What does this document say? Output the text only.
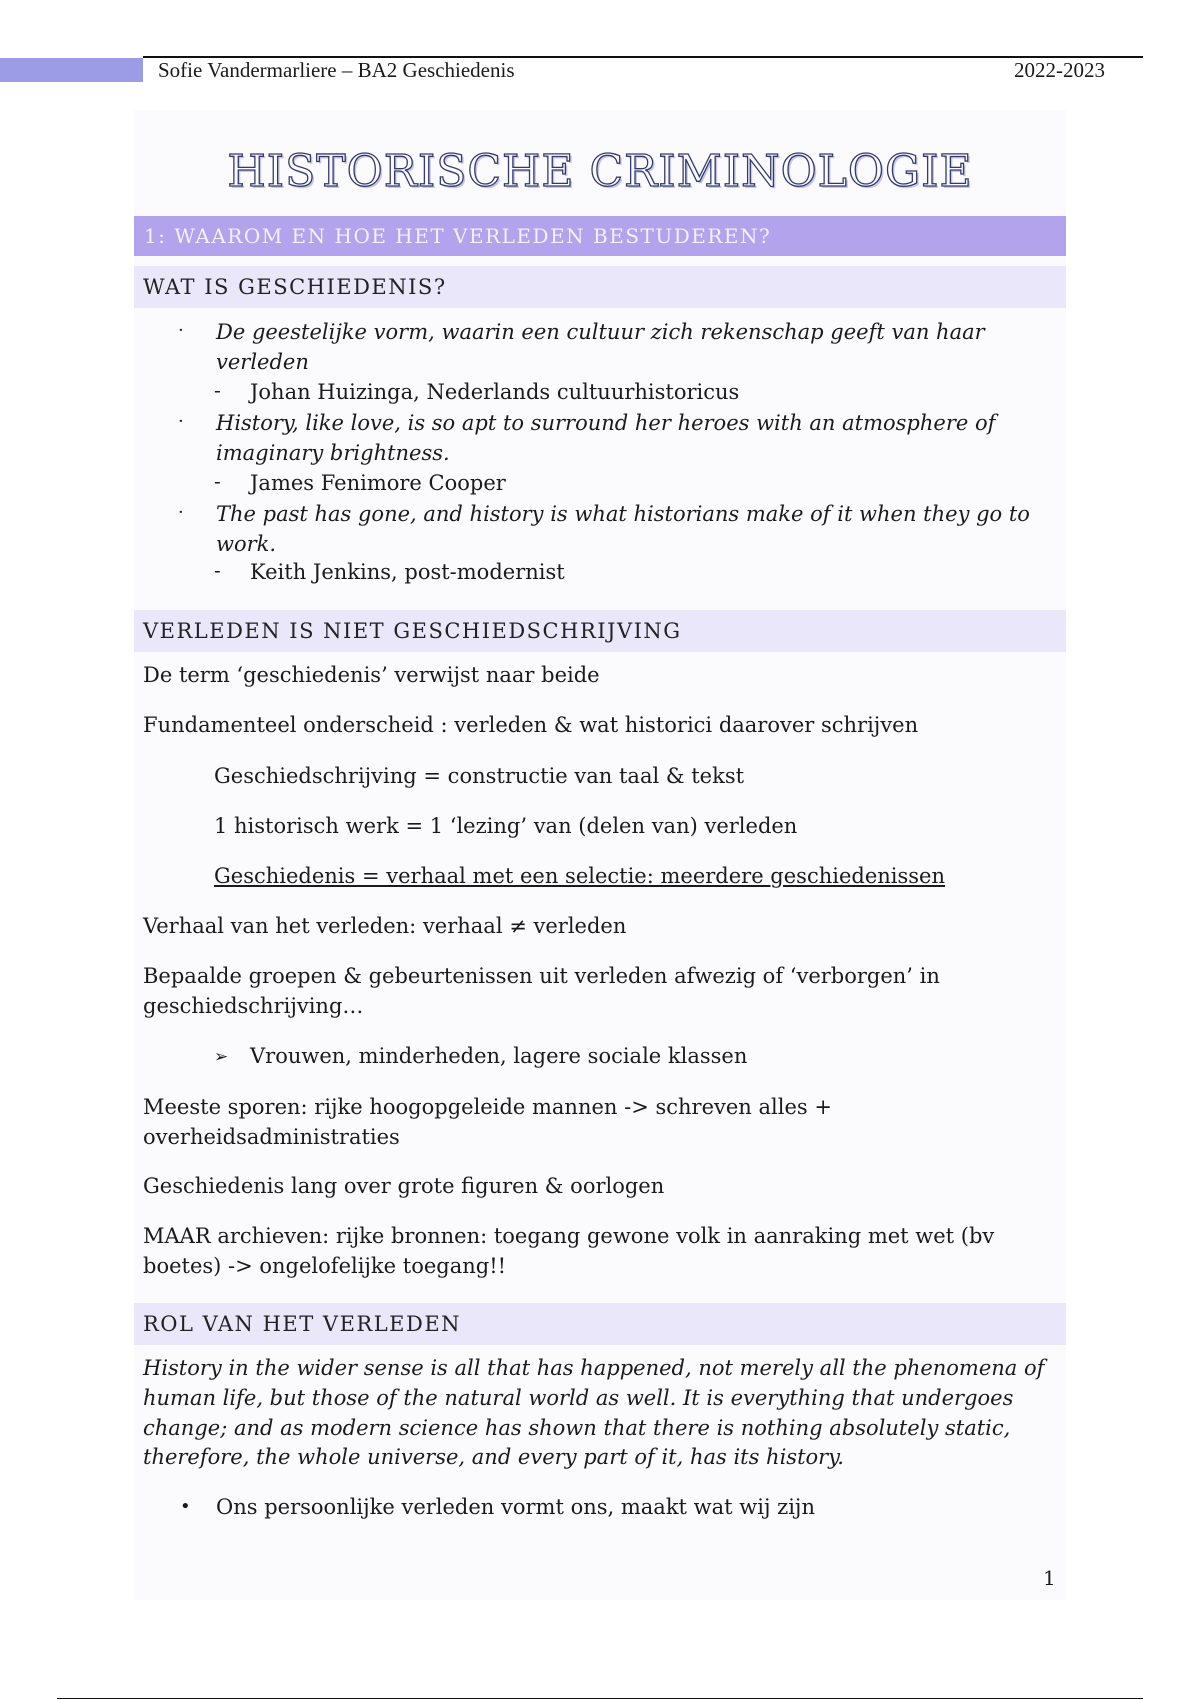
Sofie Vandermarliere – BA2 Geschiedenis	2022-2023
HISTORISCHE CRIMINOLOGIE
1: WAAROM EN HOE HET VERLEDEN BESTUDEREN?
WAT IS GESCHIEDENIS?
· De geestelijke vorm, waarin een cultuur zich rekenschap geeft van haar

verleden

- Johan Huizinga, Nederlands cultuurhistoricus

· History, like love, is so apt to surround her heroes with an atmosphere of

imaginary brightness.

- James Fenimore Cooper

· The past has gone, and history is what historians make of it when they go to

work.

- Keith Jenkins, post-modernist

VERLEDEN IS NIET GESCHIEDSCHRIJVING

De term ‘geschiedenis’ verwijst naar beide

Fundamenteel onderscheid : verleden & wat historici daarover schrijven

Geschiedschrijving = constructie van taal & tekst

1 historisch werk = 1 ‘lezing’ van (delen van) verleden

Geschiedenis = verhaal met een selectie: meerdere geschiedenissen

Verhaal van het verleden: verhaal ≠ verleden

Bepaalde groepen & gebeurtenissen uit verleden afwezig of ‘verborgen’ in

geschiedschrijving…

➢ Vrouwen, minderheden, lagere sociale klassen

Meeste sporen: rijke hoogopgeleide mannen -> schreven alles +

overheidsadministraties

Geschiedenis lang over grote figuren & oorlogen

MAAR archieven: rijke bronnen: toegang gewone volk in aanraking met wet (bv

boetes) -> ongelofelijke toegang!!

ROL VAN HET VERLEDEN

History in the wider sense is all that has happened, not merely all the phenomena of

human life, but those of the natural world as well. It is everything that undergoes

change; and as modern science has shown that there is nothing absolutely static,

therefore, the whole universe, and every part of it, has its history.

• Ons persoonlijke verleden vormt ons, maakt wat wij zijn

1
